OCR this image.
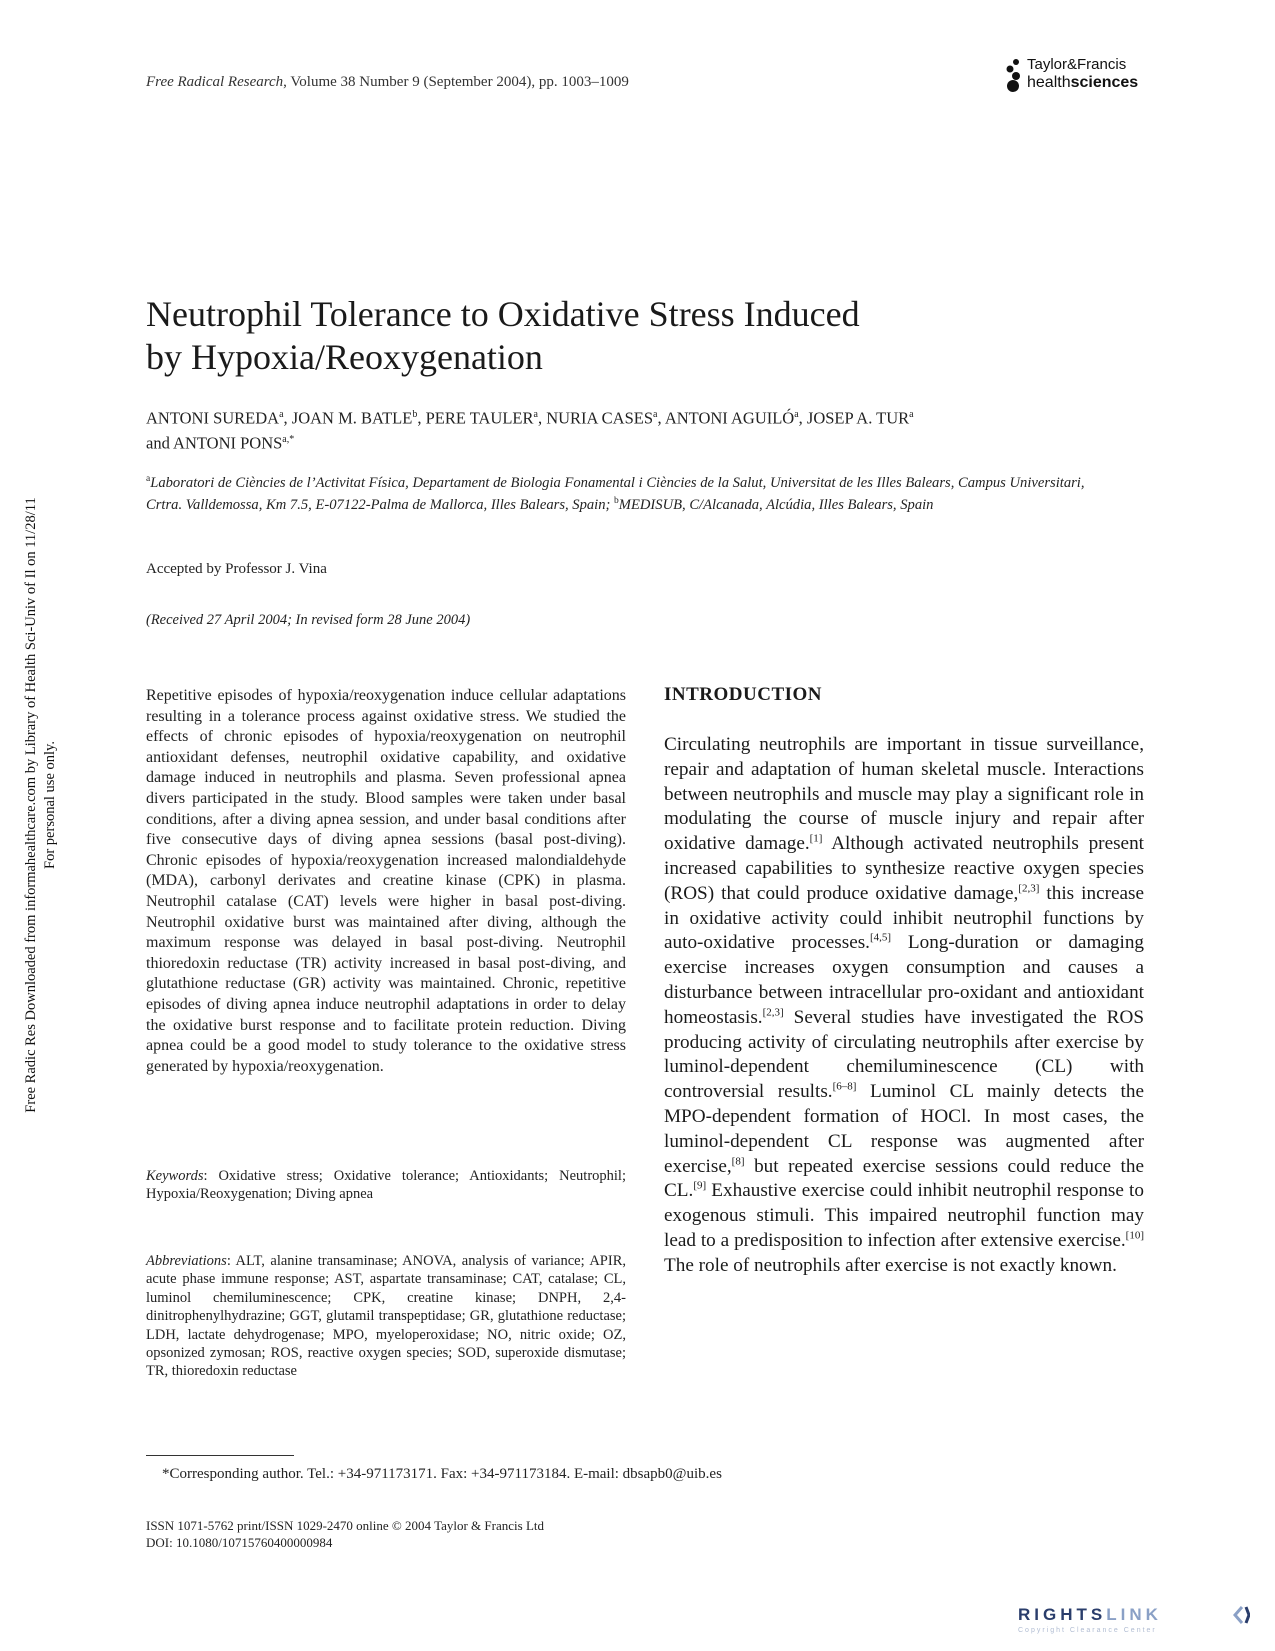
Free Radical Research, Volume 38 Number 9 (September 2004), pp. 1003–1009
Taylor&Francis
healthsciences
Free Radic Res Downloaded from informahealthcare.com by Library of Health Sci-Univ of Il on 11/28/11 For personal use only.
Neutrophil Tolerance to Oxidative Stress Induced
by Hypoxia/Reoxygenation
ANTONI SUREDA$^a$, JOAN M. BATLE$^b$, PERE TAULER$^a$, NURIA CASES$^a$, ANTONI AGUILÓ$^a$, JOSEP A. TUR$^a$
and ANTONI $PONS^{a,*}$
$^a$Laboratori de Ciències de l’Activitat Física, Departament de Biologia Fonamental i Ciències de la Salut, Universitat de les Illes Balears, Campus Universitari, Crtra. Valldemossa, Km 7.5, E-07122-Palma de Mallorca, Illes Balears, Spain; $^b$MEDISUB, C/Alcanada, Alcúdia, Illes Balears, Spain
Accepted by Professor J. Vina
(Received 27 April 2004; In revised form 28 June 2004)

Repetitive episodes of hypoxia/reoxygenation induce cellular adaptations resulting in a tolerance process against oxidative stress. We studied the effects of chronic episodes of hypoxia/reoxygenation on neutrophil antioxidant defenses, neutrophil oxidative capability, and oxidative damage induced in neutrophils and plasma. Seven professional apnea divers participated in the study. Blood samples were taken under basal conditions, after a diving apnea session, and under basal conditions after five consecutive days of diving apnea sessions (basal post-diving). Chronic episodes of hypoxia/reoxygenation increased malondialdehyde (MDA), carbonyl derivates and creatine kinase (CPK) in plasma. Neutrophil catalase (CAT) levels were higher in basal post-diving. Neutrophil oxidative burst was maintained after diving, although the maximum response was delayed in basal post-diving. Neutrophil thioredoxin reductase (TR) activity increased in basal post-diving, and glutathione reductase (GR) activity was maintained. Chronic, repetitive episodes of diving apnea induce neutrophil adaptations in order to delay the oxidative burst response and to facilitate protein reduction. Diving apnea could be a good model to study tolerance to the oxidative stress generated by hypoxia/reoxygenation.

Keywords: Oxidative stress; Oxidative tolerance; Antioxidants; Neutrophil; Hypoxia/Reoxygenation; Diving apnea
Abbreviations: ALT, alanine transaminase; ANOVA, analysis of variance; APIR, acute phase immune response; AST, aspartate transaminase; CAT, catalase; CL, luminol chemiluminescence; CPK, creatine kinase; DNPH, 2,4-dinitrophenylhydrazine; GGT, glutamil transpeptidase; GR, glutathione reductase; LDH, lactate dehydrogenase; MPO, myeloperoxidase; NO, nitric oxide; OZ, opsonized zymosan; ROS, reactive oxygen species; SOD, superoxide dismutase; TR, thioredoxin reductase
INTRODUCTION

Circulating neutrophils are important in tissue surveillance, repair and adaptation of human skeletal muscle. Interactions between neutrophils and muscle may play a significant role in modulating the course of muscle injury and repair after oxidative damage.[1] Although activated neutrophils present increased capabilities to synthesize reactive oxygen species (ROS) that could produce oxidative damage,[2,3] this increase in oxidative activity could inhibit neutrophil functions by auto-oxidative processes.[4,5] Long-duration or damaging exercise increases oxygen consumption and causes a disturbance between intracellular pro-oxidant and antioxidant homeostasis.[2,3] Several studies have investigated the ROS producing activity of circulating neutrophils after exercise by luminol-dependent chemiluminescence (CL) with controversial results.[6–8] Luminol CL mainly detects the MPO-dependent formation of HOCl. In most cases, the luminol-dependent CL response was augmented after exercise,[8] but repeated exercise sessions could reduce the CL.[9] Exhaustive exercise could inhibit neutrophil response to exogenous stimuli. This impaired neutrophil function may lead to a predisposition to infection after extensive exercise.[10] The role of neutrophils after exercise is not exactly known.

*Corresponding author. Tel.: +34-971173171. Fax: +34-971173184. E-mail: dbsapb0@uib.es
ISSN 1071-5762 print/ISSN 1029-2470 online © 2004 Taylor & Francis Ltd
DOI: 10.1080/10715760400000984
RIGHTSLINK
Copyright Clearance Center
